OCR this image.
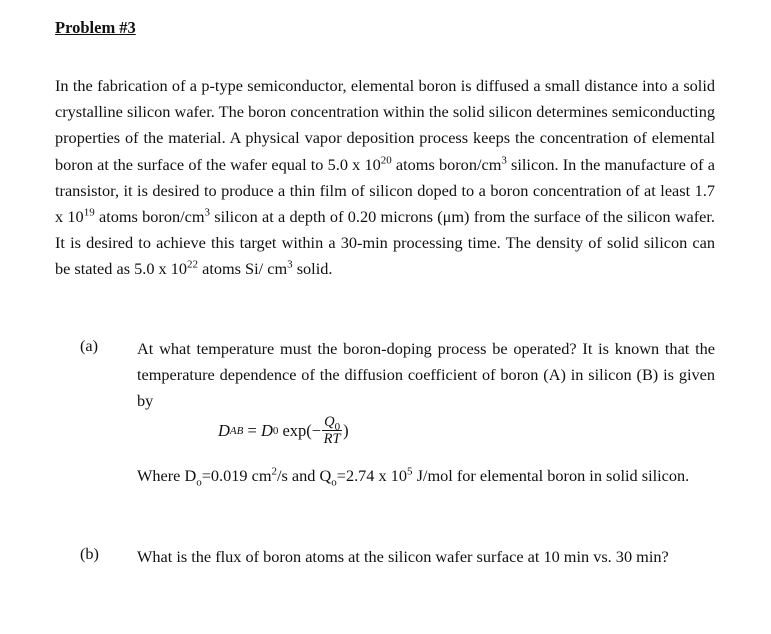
Problem #3

In the fabrication of a p-type semiconductor, elemental boron is diffused a small distance into a solid crystalline silicon wafer. The boron concentration within the solid silicon determines semiconducting properties of the material. A physical vapor deposition process keeps the concentration of elemental boron at the surface of the wafer equal to 5.0 x $10^{20}$ atoms boron/$cm^3$ silicon. In the manufacture of a transistor, it is desired to produce a thin film of silicon doped to a boron concentration of at least 1.7 x $10^{19}$ atoms boron/$cm^3$ silicon at a depth of 0.20 microns (μm) from the surface of the silicon wafer. It is desired to achieve this target within a 30-min processing time. The density of solid silicon can be stated as 5.0 x $10^{22}$ atoms Si/ $cm^3$ solid.

(a) At what temperature must the boron-doping process be operated? It is known that the temperature dependence of the diffusion coefficient of boron (A) in silicon (B) is given by

D AB = D 0 $\exp(- \frac{Q_0}{RT}$ )

Where $D_o=0.019$ $cm^2/s$ and $Q_o=2.74$ x $10^5$ J/mol for elemental boron in solid silicon.

(b) What is the flux of boron atoms at the silicon wafer surface at 10 min vs. 30 min?
